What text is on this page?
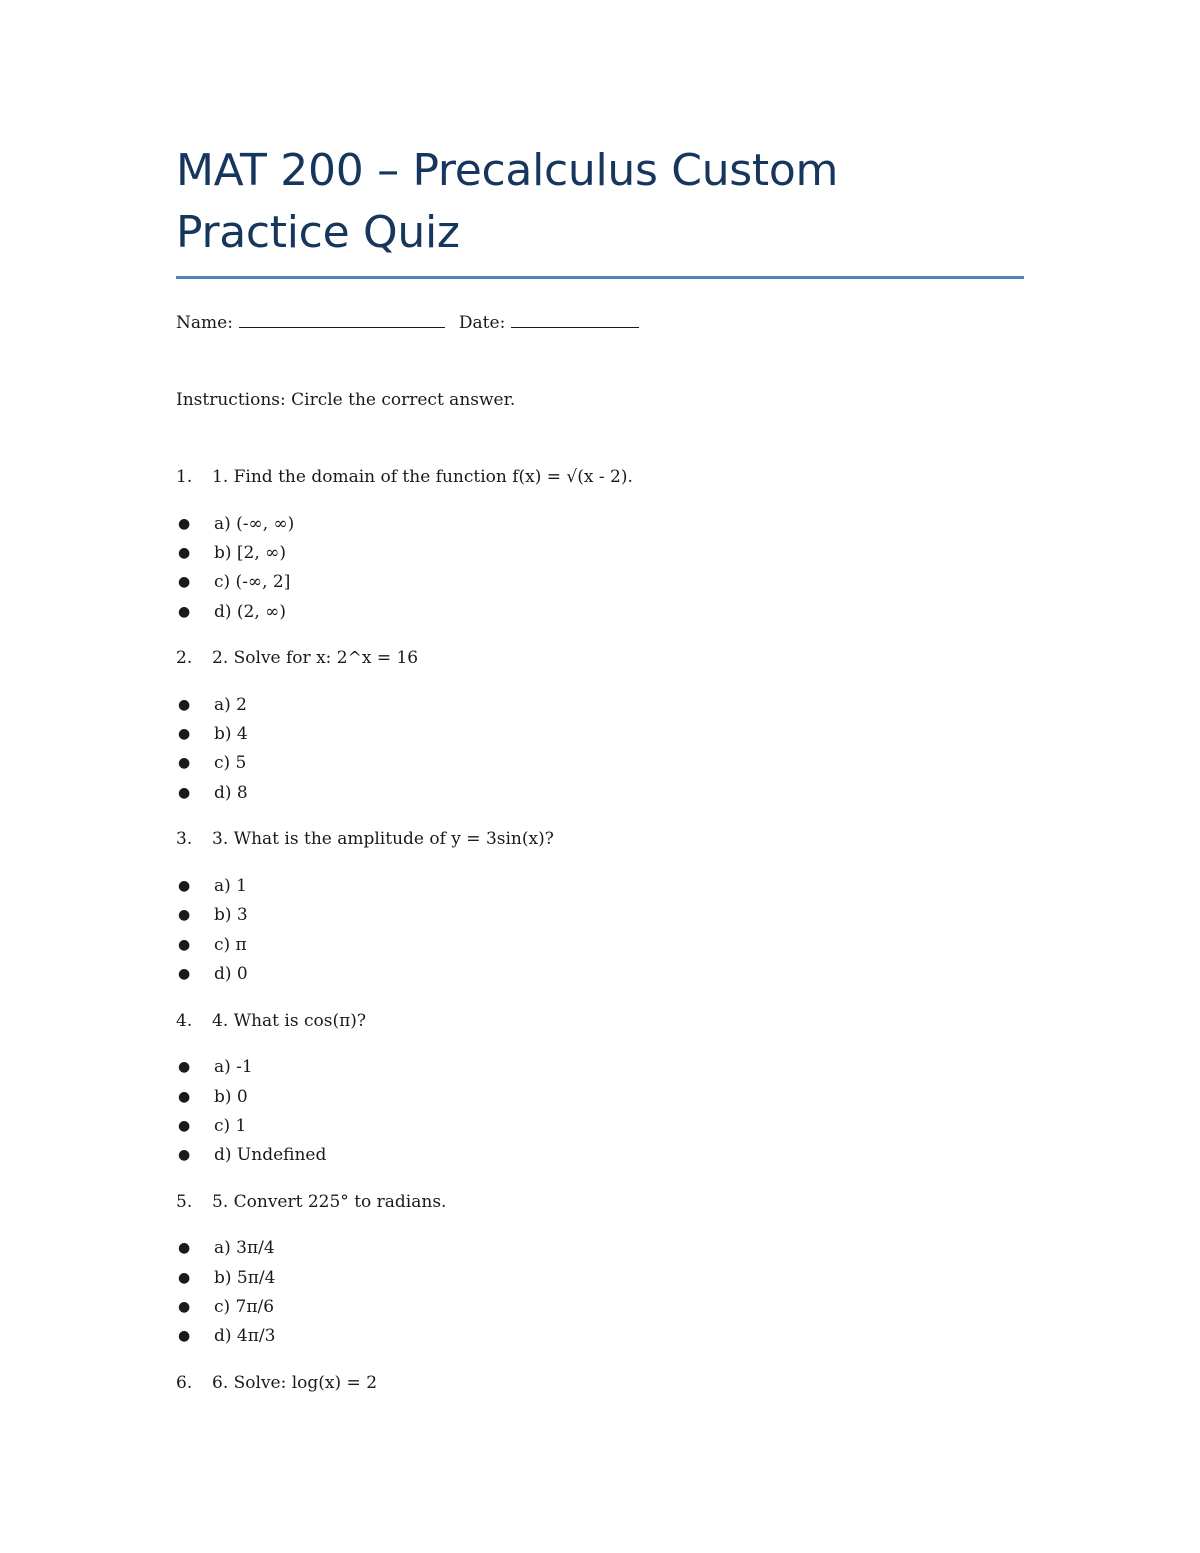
MAT 200 – Precalculus Custom Practice Quiz
Name:	Date:
Instructions: Circle the correct answer.
1.	1. Find the domain of the function f(x) = √(x - 2).
●	a) (-∞, ∞)
●	b) [2, ∞)
●	c) (-∞, 2]
●	d) (2, ∞)
2.	2. Solve for x: 2^x = 16
●	a) 2
●	b) 4
●	c) 5
●	d) 8
3.	3. What is the amplitude of y = 3sin(x)?
●	a) 1
●	b) 3
●	c) π
●	d) 0
4.	4. What is cos(π)?
●	a) -1
●	b) 0
●	c) 1
●	d) Undefined
5.	5. Convert 225° to radians.
●	a) 3π/4
●	b) 5π/4
●	c) 7π/6
●	d) 4π/3
6.	6. Solve: log(x) = 2
